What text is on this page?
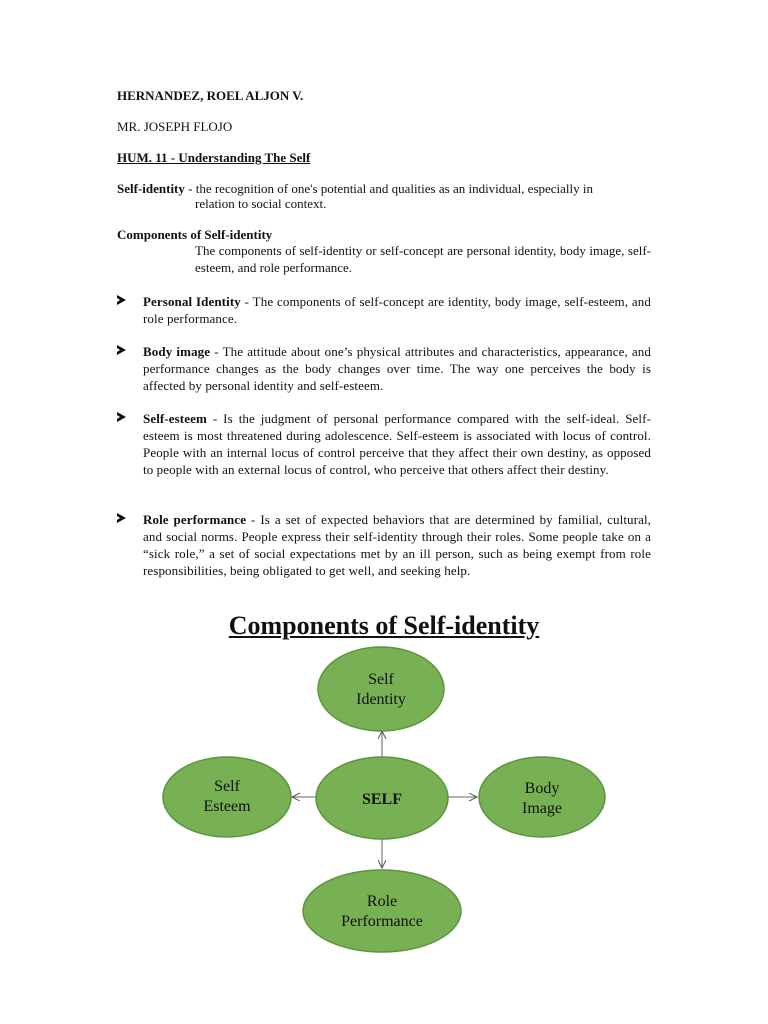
HERNANDEZ, ROEL ALJON V.
MR. JOSEPH FLOJO
HUM. 11 - Understanding The Self
Self-identity - the recognition of one's potential and qualities as an individual, especially in
relation to social context.
Components of Self-identity
The components of self-identity or self-concept are personal identity, body image, self-esteem, and role performance.
Personal Identity - The components of self-concept are identity, body image, self-esteem, and role performance.
Body image - The attitude about one’s physical attributes and characteristics, appearance, and performance changes as the body changes over time. The way one perceives the body is affected by personal identity and self-esteem.
Self-esteem - Is the judgment of personal performance compared with the self-ideal. Self-esteem is most threatened during adolescence. Self-esteem is associated with locus of control. People with an internal locus of control perceive that they affect their own destiny, as opposed to people with an external locus of control, who perceive that others affect their destiny.
Role performance - Is a set of expected behaviors that are determined by familial, cultural, and social norms. People express their self-identity through their roles. Some people take on a “sick role,” a set of social expectations met by an ill person, such as being exempt from role responsibilities, being obligated to get well, and seeking help.
Components of Self-identity
Self
Identity
Self
Esteem	SELF
Body
Image
Role
Performance
